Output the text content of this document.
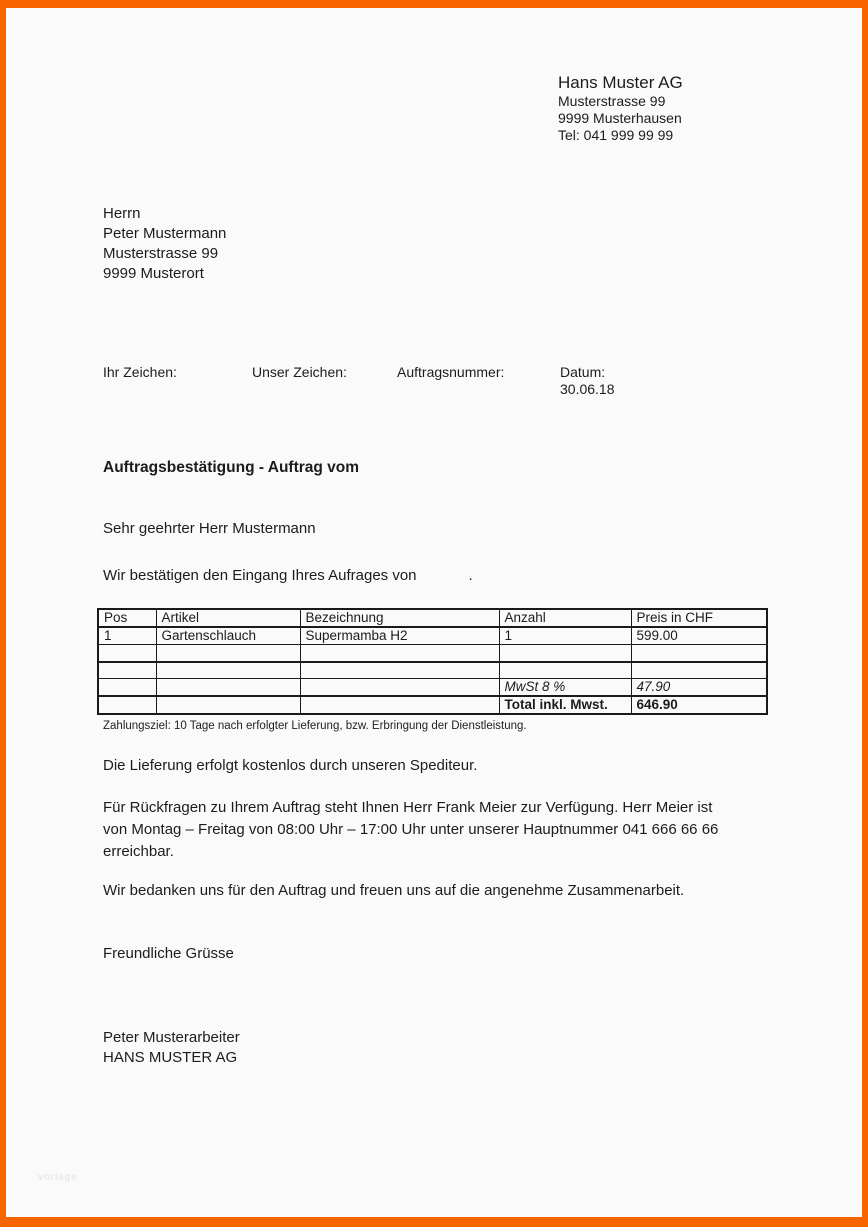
Hans Muster AG
Musterstrasse 99
9999 Musterhausen
Tel: 041 999 99 99
Herrn
Peter Mustermann
Musterstrasse 99
9999 Musterort
Ihr Zeichen:	Unser Zeichen:	Auftragsnummer:	Datum:
30.06.18
Auftragsbestätigung - Auftrag vom
Sehr geehrter Herr Mustermann
Wir bestätigen den Eingang Ihres Aufrages von	.
Pos	Artikel	Bezeichnung	Anzahl	Preis in CHF
1	Gartenschlauch	Supermamba H2	1	599.00

			MwSt 8 %	47.90
			Total inkl. Mwst.	646.90
Zahlungsziel: 10 Tage nach erfolgter Lieferung, bzw. Erbringung der Dienstleistung.
Die Lieferung erfolgt kostenlos durch unseren Spediteur.
Für Rückfragen zu Ihrem Auftrag steht Ihnen Herr Frank Meier zur Verfügung. Herr Meier ist
von Montag – Freitag von 08:00 Uhr – 17:00 Uhr unter unserer Hauptnummer 041 666 66 66
erreichbar.
Wir bedanken uns für den Auftrag und freuen uns auf die angenehme Zusammenarbeit.
Freundliche Grüsse
Peter Musterarbeiter
HANS MUSTER AG
vorlage
